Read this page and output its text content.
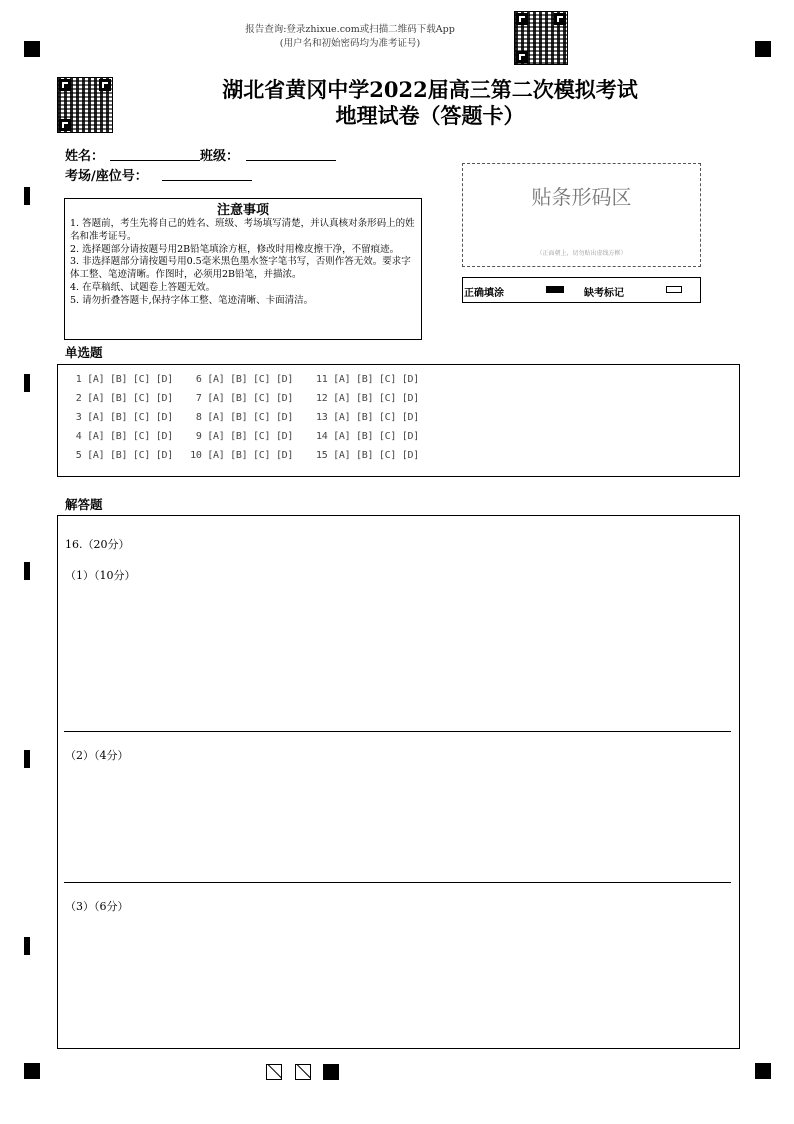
报告查询:登录zhixue.com或扫描二维码下载App
(用户名和初始密码均为准考证号)
湖北省黄冈中学2022届高三第二次模拟考试
地理试卷（答题卡）
姓名：	班级：
考场/座位号：
注意事项
1. 答题前，考生先将自己的姓名、班级、考场填写清楚，并认真核对条形码上的姓名和准考证号。
2. 选择题部分请按题号用2B铅笔填涂方框，修改时用橡皮擦干净，不留痕迹。
3. 非选择题部分请按题号用0.5毫米黑色墨水签字笔书写，否则作答无效。要求字体工整、笔迹清晰。作图时，必须用2B铅笔，并描浓。
4. 在草稿纸、试题卷上答题无效。
5. 请勿折叠答题卡,保持字体工整、笔迹清晰、卡面清洁。
贴条形码区
（正面朝上，切勿贴出虚线方框）
正确填涂	缺考标记
单选题
1 [A] [B] [C] [D]    6 [A] [B] [C] [D]    11 [A] [B] [C] [D]
2 [A] [B] [C] [D]    7 [A] [B] [C] [D]    12 [A] [B] [C] [D]
3 [A] [B] [C] [D]    8 [A] [B] [C] [D]    13 [A] [B] [C] [D]
4 [A] [B] [C] [D]    9 [A] [B] [C] [D]    14 [A] [B] [C] [D]
5 [A] [B] [C] [D]   10 [A] [B] [C] [D]    15 [A] [B] [C] [D]
解答题
16.（20分）
（1）（10分）
（2）（4分）
（3）（6分）
